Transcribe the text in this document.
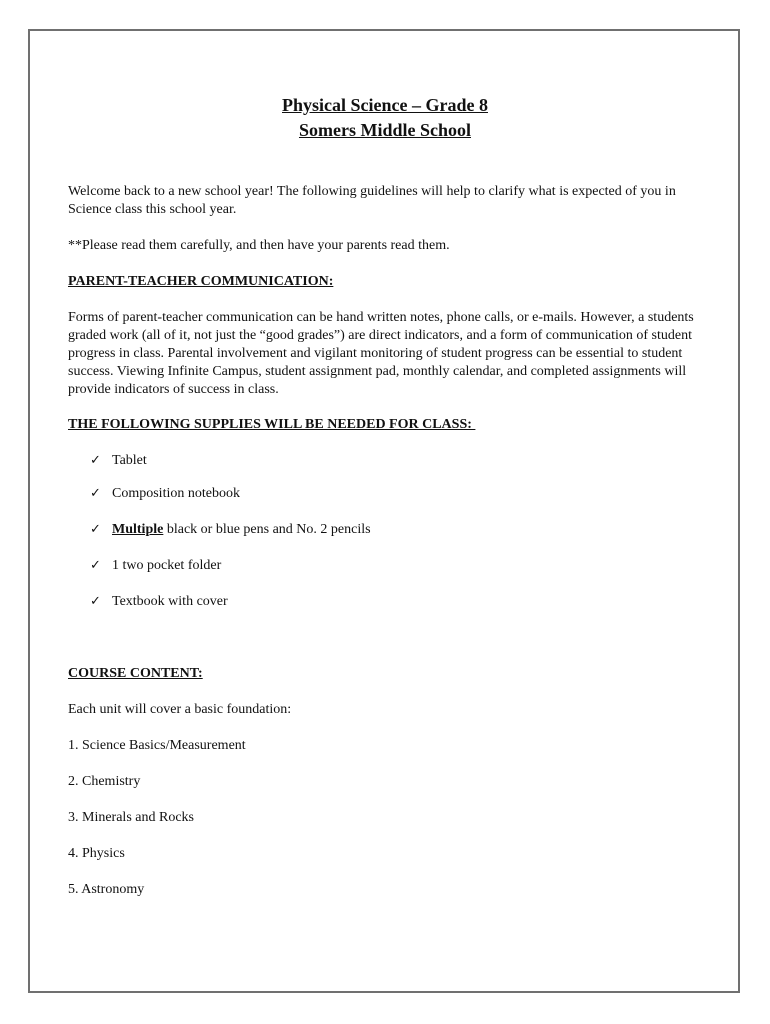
Physical Science – Grade 8
Somers Middle School

Welcome back to a new school year! The following guidelines will help to clarify what is expected of you in Science class this school year.

**Please read them carefully, and then have your parents read them.

PARENT-TEACHER COMMUNICATION:

Forms of parent-teacher communication can be hand written notes, phone calls, or e-mails. However, a students graded work (all of it, not just the “good grades”) are direct indicators, and a form of communication of student progress in class. Parental involvement and vigilant monitoring of student progress can be essential to student success. Viewing Infinite Campus, student assignment pad, monthly calendar, and completed assignments will provide indicators of success in class.

THE FOLLOWING SUPPLIES WILL BE NEEDED FOR CLASS:
✓ Tablet
✓ Composition notebook
✓ Multiple black or blue pens and No. 2 pencils
✓ 1 two pocket folder
✓ Textbook with cover
COURSE CONTENT:
Each unit will cover a basic foundation:
1. Science Basics/Measurement
2. Chemistry
3. Minerals and Rocks
4. Physics
5. Astronomy
